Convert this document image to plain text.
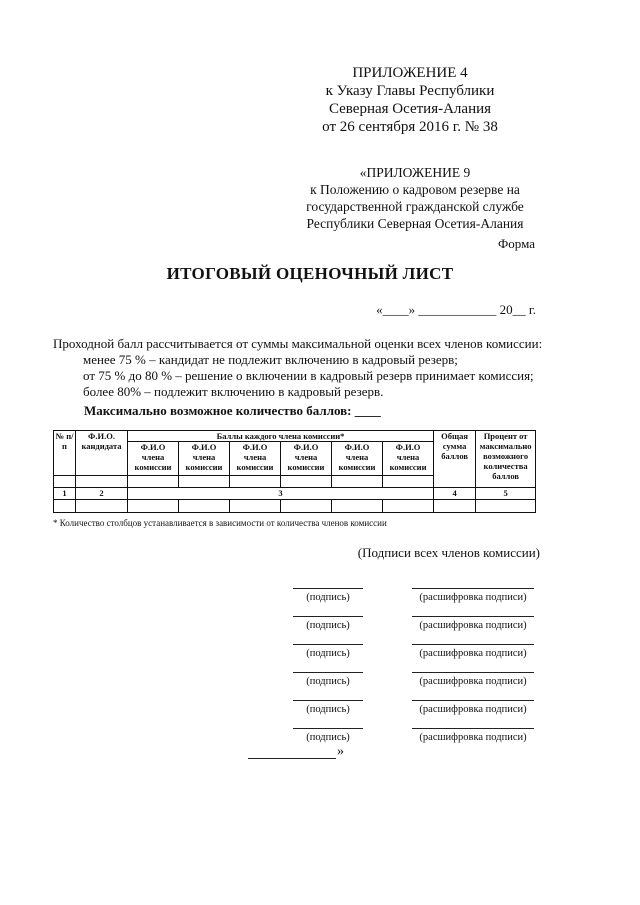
ПРИЛОЖЕНИЕ 4
к Указу Главы Республики
Северная Осетия-Алания
от 26 сентября 2016 г. № 38
«ПРИЛОЖЕНИЕ 9
к Положению о кадровом резерве на
государственной гражданской службе
Республики Северная Осетия-Алания
Форма
ИТОГОВЫЙ ОЦЕНОЧНЫЙ ЛИСТ
«____» ____________ 20__ г.
Проходной балл рассчитывается от суммы максимальной оценки всех членов комиссии:
менее 75 % – кандидат не подлежит включению в кадровый резерв;
от 75 % до 80 % – решение о включении в кадровый резерв принимает комиссия;
более 80% – подлежит включению в кадровый резерв.
Максимально возможное количество баллов: ____
№ п/п	Ф.И.О. кандидата	Баллы каждого члена комиссии*						Общая сумма баллов	Процент от максимально возможного количества баллов
		Ф.И.О члена комиссии	Ф.И.О члена комиссии	Ф.И.О члена комиссии	Ф.И.О члена комиссии	Ф.И.О члена комиссии	Ф.И.О члена комиссии		

1	2	3						4	5

* Количество столбцов устанавливается в зависимости от количества членов комиссии
(Подписи всех членов комиссии)
(подпись)	(расшифровка подписи)
(подпись)	(расшифровка подписи)
(подпись)	(расшифровка подписи)
(подпись)	(расшифровка подписи)
(подпись)	(расшифровка подписи)
(подпись)	(расшифровка подписи)
»
